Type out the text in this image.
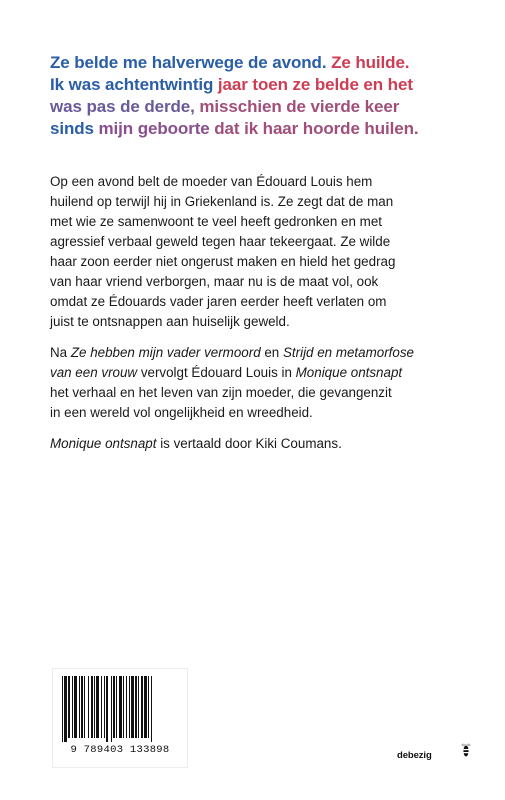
Ze belde me halverwege de avond. Ze huilde.
Ik was achtentwintig jaar toen ze belde en het
was pas de derde, misschien de vierde keer
sinds mijn geboorte dat ik haar hoorde huilen.

Op een avond belt de moeder van Édouard Louis hem
huilend op terwijl hij in Griekenland is. Ze zegt dat de man
met wie ze samenwoont te veel heeft gedronken en met
agressief verbaal geweld tegen haar tekeergaat. Ze wilde
haar zoon eerder niet ongerust maken en hield het gedrag
van haar vriend verborgen, maar nu is de maat vol, ook
omdat ze Édouards vader jaren eerder heeft verlaten om
juist te ontsnappen aan huiselijk geweld.

Na Ze hebben mijn vader vermoord en Strijd en metamorfose
van een vrouw vervolgt Édouard Louis in Monique ontsnapt
het verhaal en het leven van zijn moeder, die gevangenzit
in een wereld vol ongelijkheid en wreedheid.

Monique ontsnapt is vertaald door Kiki Coumans.

9 789403 133898	debezig
